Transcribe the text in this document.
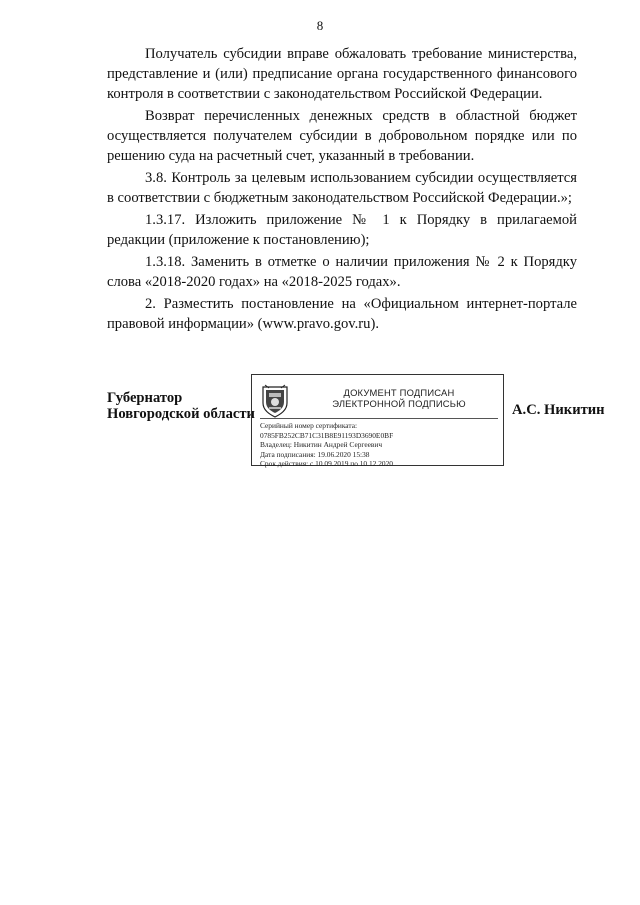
8

Получатель субсидии вправе обжаловать требование министерства, представление и (или) предписание органа государственного финансового контроля в соответствии с законодательством Российской Федерации.

Возврат перечисленных денежных средств в областной бюджет осуществляется получателем субсидии в добровольном порядке или по решению суда на расчетный счет, указанный в требовании.

3.8. Контроль за целевым использованием субсидии осуществляется в соответствии с бюджетным законодательством Российской Федерации.»;

1.3.17. Изложить приложение № 1 к Порядку в прилагаемой редакции (приложение к постановлению);

1.3.18. Заменить в отметке о наличии приложения № 2 к Порядку слова «2018-2020 годах» на «2018-2025 годах».

2. Разместить постановление на «Официальном интернет-портале правовой информации» (www.pravo.gov.ru).

Губернатор
Новгородской области
ДОКУМЕНТ ПОДПИСАН
ЭЛЕКТРОННОЙ ПОДПИСЬЮ
Серийный номер сертификата:
0785FB252CB71C31B8E91193D3690E0BF
Владелец: Никитин Андрей Сергеевич
Дата подписания: 19.06.2020 15:38
Срок действия: с 10.09.2019 по 10.12.2020
А.С. Никитин
